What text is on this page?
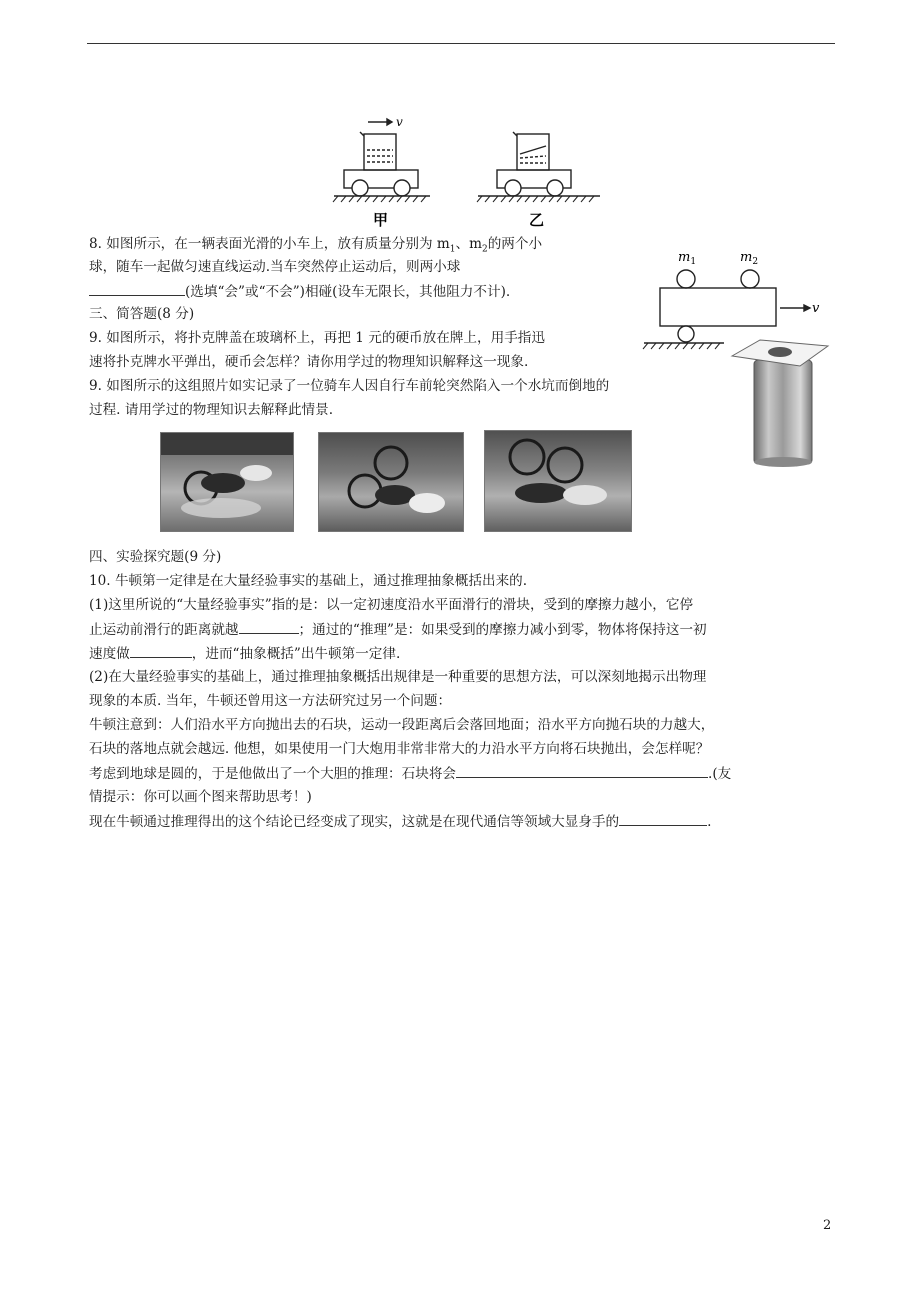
v
甲	乙
$m_1$	$m_2$
v
8. 如图所示，在一辆表面光滑的小车上，放有质量分别为 $m_1$、$m_2$的两个小
球，随车一起做匀速直线运动.当车突然停止运动后，则两小球
(选填“会”或“不会”)相碰(设车无限长，其他阻力不计).
三、简答题(8 分)
9. 如图所示，将扑克牌盖在玻璃杯上，再把 1 元的硬币放在牌上，用手指迅
速将扑克牌水平弹出，硬币会怎样？请你用学过的物理知识解释这一现象.
9. 如图所示的这组照片如实记录了一位骑车人因自行车前轮突然陷入一个水坑而倒地的
过程. 请用学过的物理知识去解释此情景.
四、实验探究题(9 分)
10. 牛顿第一定律是在大量经验事实的基础上，通过推理抽象概括出来的.
(1)这里所说的“大量经验事实”指的是：以一定初速度沿水平面滑行的滑块，受到的摩擦力越小，它停
止运动前滑行的距离就越	；通过的“推理”是：如果受到的摩擦力减小到零，物体将保持这一初
速度做	，进而“抽象概括”出牛顿第一定律.
(2)在大量经验事实的基础上，通过推理抽象概括出规律是一种重要的思想方法，可以深刻地揭示出物理
现象的本质. 当年，牛顿还曾用这一方法研究过另一个问题：
牛顿注意到：人们沿水平方向抛出去的石块，运动一段距离后会落回地面；沿水平方向抛石块的力越大，
石块的落地点就会越远. 他想，如果使用一门大炮用非常非常大的力沿水平方向将石块抛出，会怎样呢？
考虑到地球是圆的，于是他做出了一个大胆的推理：石块将会	.(友
情提示：你可以画个图来帮助思考！)
现在牛顿通过推理得出的这个结论已经变成了现实，这就是在现代通信等领域大显身手的	.
2
